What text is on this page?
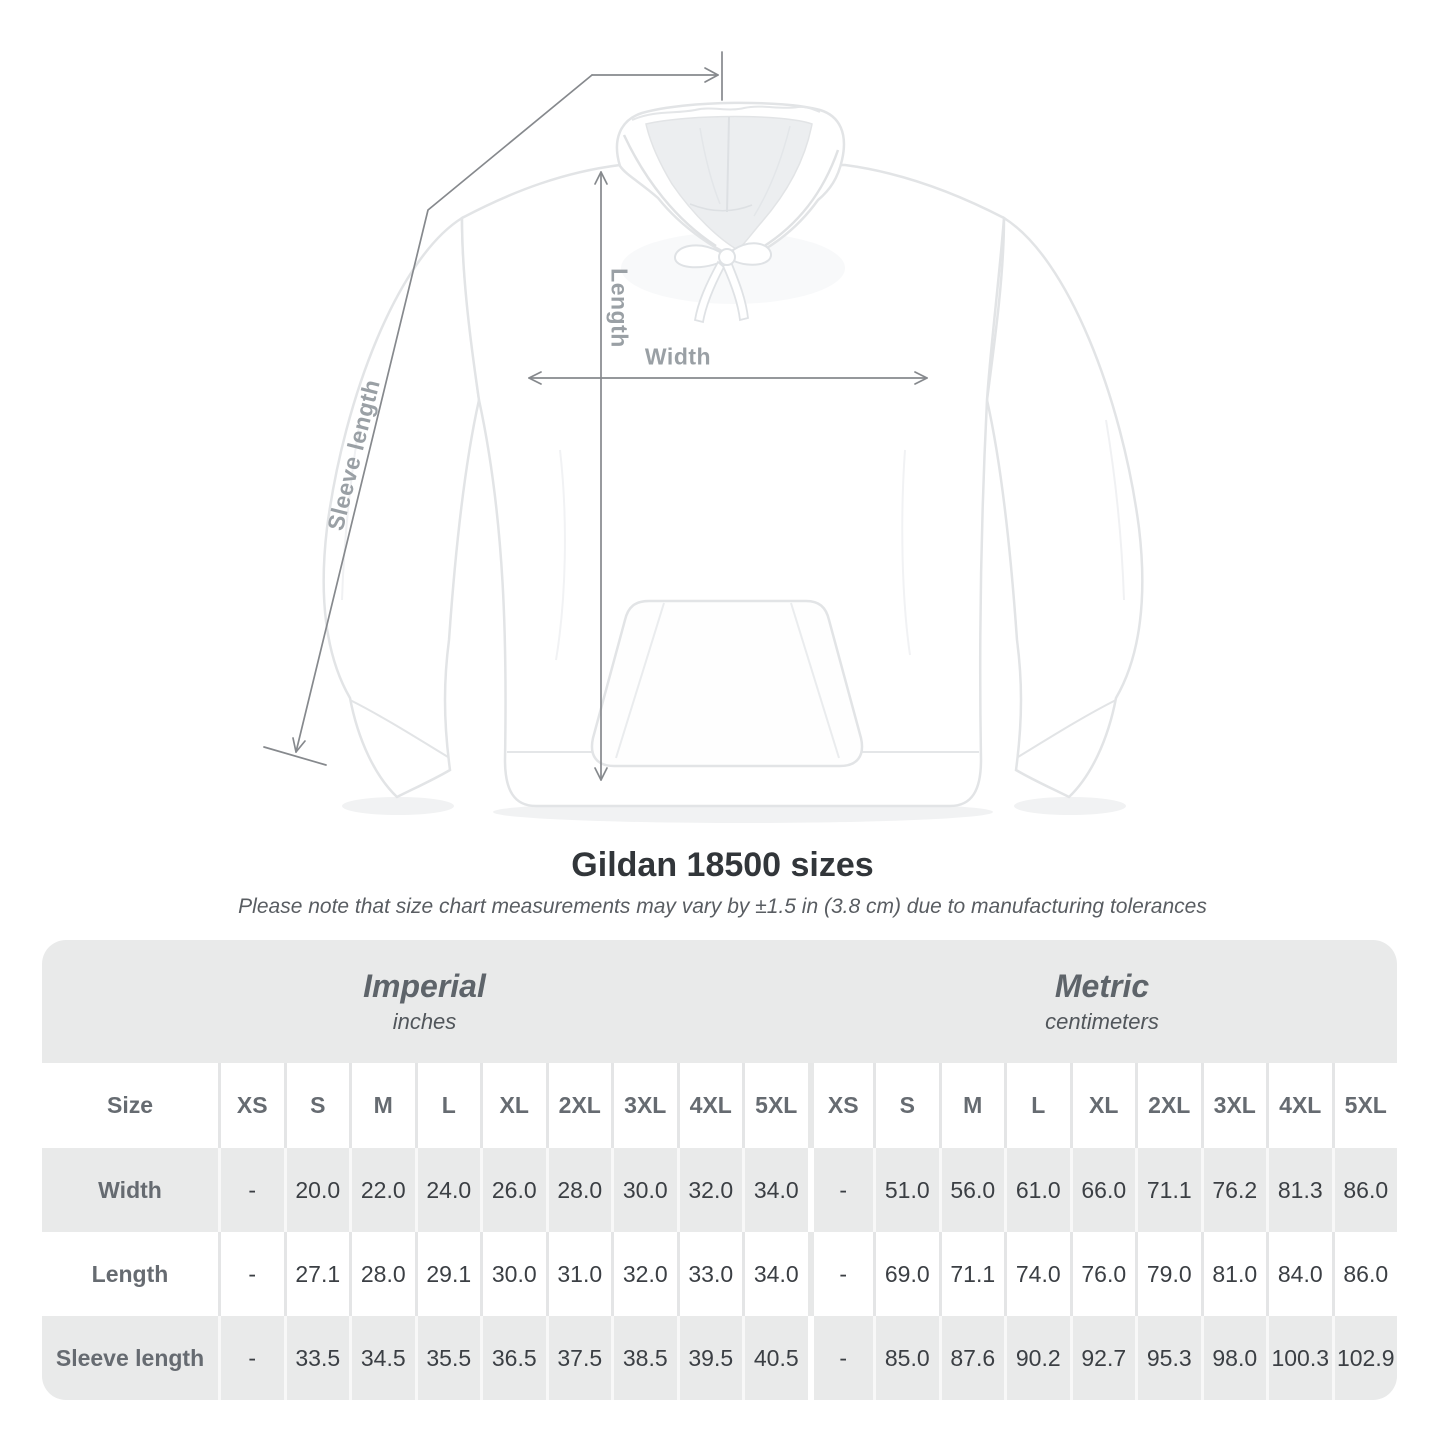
Sleeve length
Length
Width
Gildan 18500 sizes
Please note that size chart measurements may vary by ±1.5 in (3.8 cm) due to manufacturing tolerances
Imperial
inches
Metric
centimeters
Size	XS	S	M	L	XL	2XL	3XL	4XL	5XL	XS	S	M	L	XL	2XL	3XL	4XL	5XL
Width	-	20.0 22.0 24.0 26.0 28.0 30.0 32.0 34.0	-	51.0 56.0 61.0 66.0 71.1 76.2 81.3 86.0
Length	-	27.1 28.0 29.1 30.0 31.0 32.0 33.0 34.0	-	69.0 71.1 74.0 76.0 79.0 81.0 84.0 86.0
Sleeve length	-	33.5 34.5 35.5 36.5 37.5 38.5 39.5 40.5	-	85.0 87.6 90.2 92.7 95.3 98.0 100.3 102.9
